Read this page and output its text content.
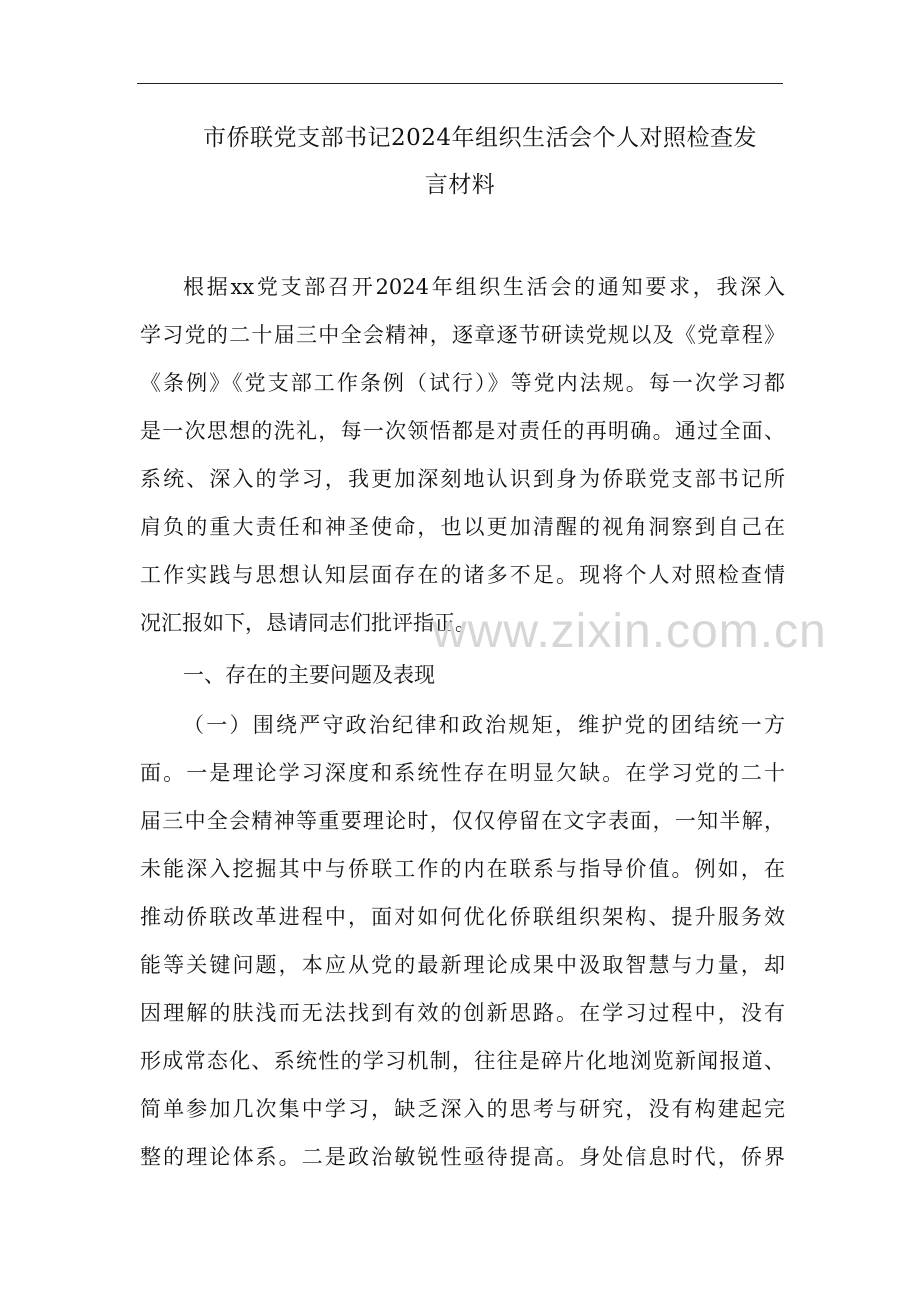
市侨联党支部书记2024年组织生活会个人对照检查发
言材料
根据xx党支部召开2024年组织生活会的通知要求，我深入
学习党的二十届三中全会精神，逐章逐节研读党规以及《党章程》
《条例》《党支部工作条例（试行）》等党内法规。每一次学习都
是一次思想的洗礼，每一次领悟都是对责任的再明确。通过全面、
系统、深入的学习，我更加深刻地认识到身为侨联党支部书记所
肩负的重大责任和神圣使命，也以更加清醒的视角洞察到自己在
工作实践与思想认知层面存在的诸多不足。现将个人对照检查情
况汇报如下，恳请同志们批评指正。
一、存在的主要问题及表现
（一）围绕严守政治纪律和政治规矩，维护党的团结统一方
面。一是理论学习深度和系统性存在明显欠缺。在学习党的二十
届三中全会精神等重要理论时，仅仅停留在文字表面，一知半解，
未能深入挖掘其中与侨联工作的内在联系与指导价值。例如，在
推动侨联改革进程中，面对如何优化侨联组织架构、提升服务效
能等关键问题，本应从党的最新理论成果中汲取智慧与力量，却
因理解的肤浅而无法找到有效的创新思路。在学习过程中，没有
形成常态化、系统性的学习机制，往往是碎片化地浏览新闻报道、
简单参加几次集中学习，缺乏深入的思考与研究，没有构建起完
整的理论体系。二是政治敏锐性亟待提高。身处信息时代，侨界
www.zixin.com.cn
